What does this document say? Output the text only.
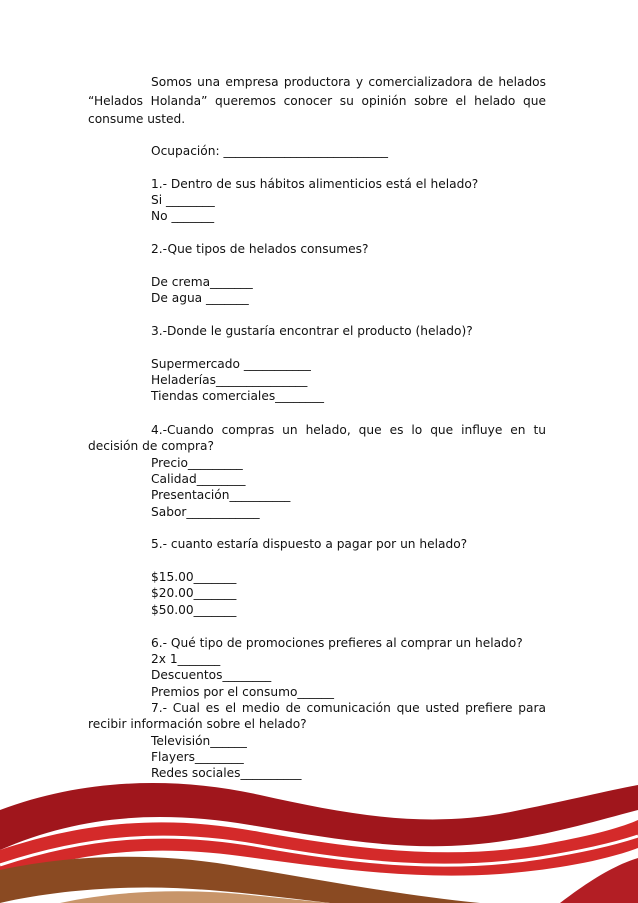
Somos una empresa productora y comercializadora de helados
“Helados Holanda” queremos conocer su opinión sobre el helado que
consume usted.
Ocupación: ___________________________
1.- Dentro de sus hábitos alimenticios está el helado?
Si ________
No _______
2.-Que tipos de helados consumes?
De crema_______
De agua _______
3.-Donde le gustaría encontrar el producto (helado)?
Supermercado ___________
Heladerías_______________
Tiendas comerciales________
4.-Cuando compras un helado, que es lo que influye en tu
decisión de compra?
Precio_________
Calidad________
Presentación__________
Sabor____________
5.- cuanto estaría dispuesto a pagar por un helado?
$15.00_______
$20.00_______
$50.00_______
6.- Qué tipo de promociones prefieres al comprar un helado?
2x 1_______
Descuentos________
Premios por el consumo______
7.- Cual es el medio de comunicación que usted prefiere para
recibir información sobre el helado?
Televisión______
Flayers________
Redes sociales__________
